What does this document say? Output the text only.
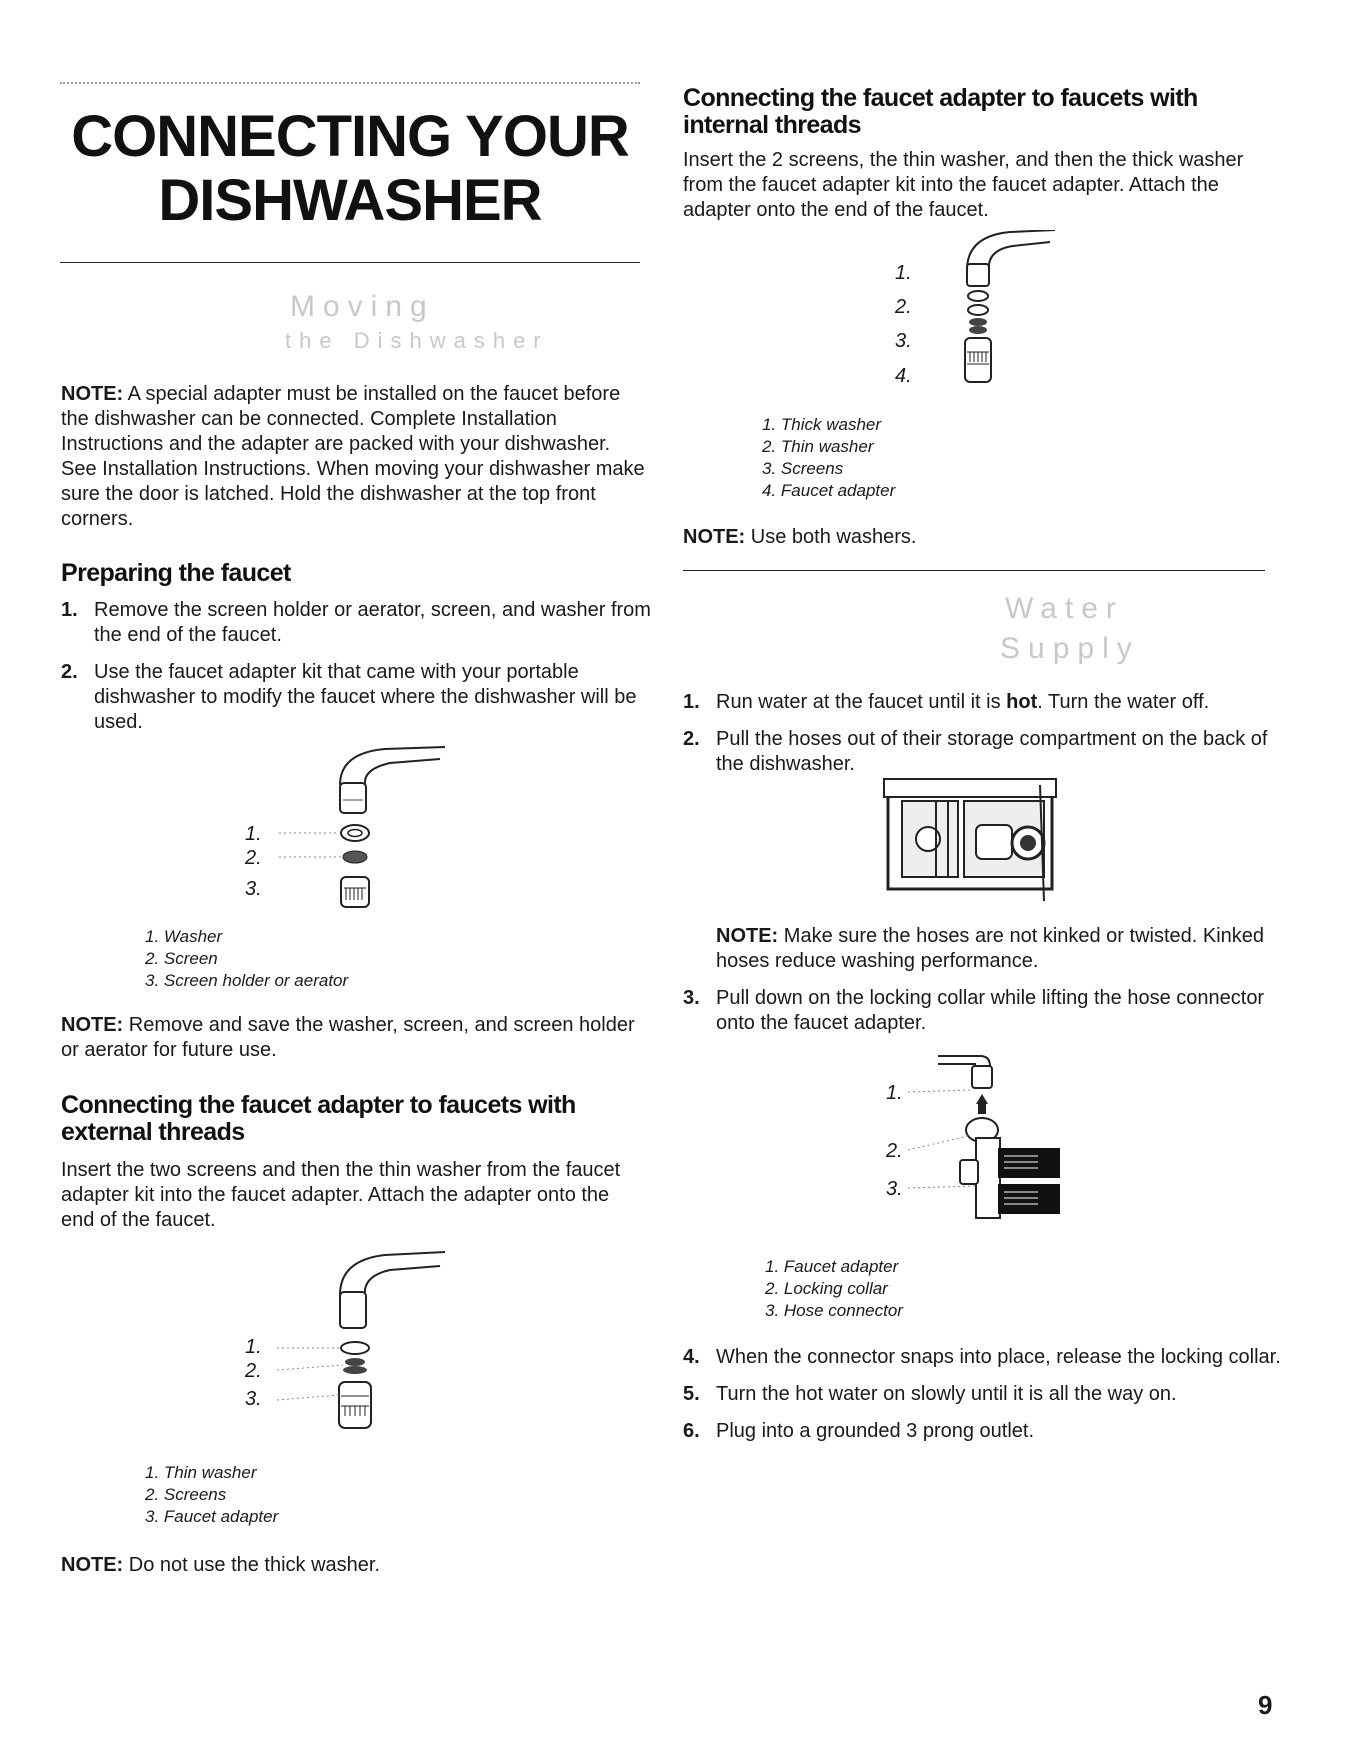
CONNECTING YOUR
DISHWASHER
Moving
the Dishwasher
NOTE: A special adapter must be installed on the faucet before the dishwasher can be connected. Complete Installation Instructions and the adapter are packed with your dishwasher. See Installation Instructions. When moving your dishwasher make sure the door is latched. Hold the dishwasher at the top front corners.
Preparing the faucet
1. Remove the screen holder or aerator, screen, and washer from the end of the faucet.
2. Use the faucet adapter kit that came with your portable dishwasher to modify the faucet where the dishwasher will be used.
1.
2.
3.
1. Washer
2. Screen
3. Screen holder or aerator
NOTE: Remove and save the washer, screen, and screen holder or aerator for future use.
Connecting the faucet adapter to faucets with external threads
Insert the two screens and then the thin washer from the faucet adapter kit into the faucet adapter. Attach the adapter onto the end of the faucet.
1.
2.
3.
1. Thin washer
2. Screens
3. Faucet adapter
NOTE: Do not use the thick washer.
Connecting the faucet adapter to faucets with internal threads
Insert the 2 screens, the thin washer, and then the thick washer from the faucet adapter kit into the faucet adapter. Attach the adapter onto the end of the faucet.
1.
2.
3.
4.
1. Thick washer
2. Thin washer
3. Screens
4. Faucet adapter
NOTE: Use both washers.
Water
Supply
1. Run water at the faucet until it is hot. Turn the water off.
2. Pull the hoses out of their storage compartment on the back of the dishwasher.
NOTE: Make sure the hoses are not kinked or twisted. Kinked hoses reduce washing performance.
3. Pull down on the locking collar while lifting the hose connector onto the faucet adapter.
1.
2.
3.
1. Faucet adapter
2. Locking collar
3. Hose connector
4. When the connector snaps into place, release the locking collar.
5. Turn the hot water on slowly until it is all the way on.
6. Plug into a grounded 3 prong outlet.
9
